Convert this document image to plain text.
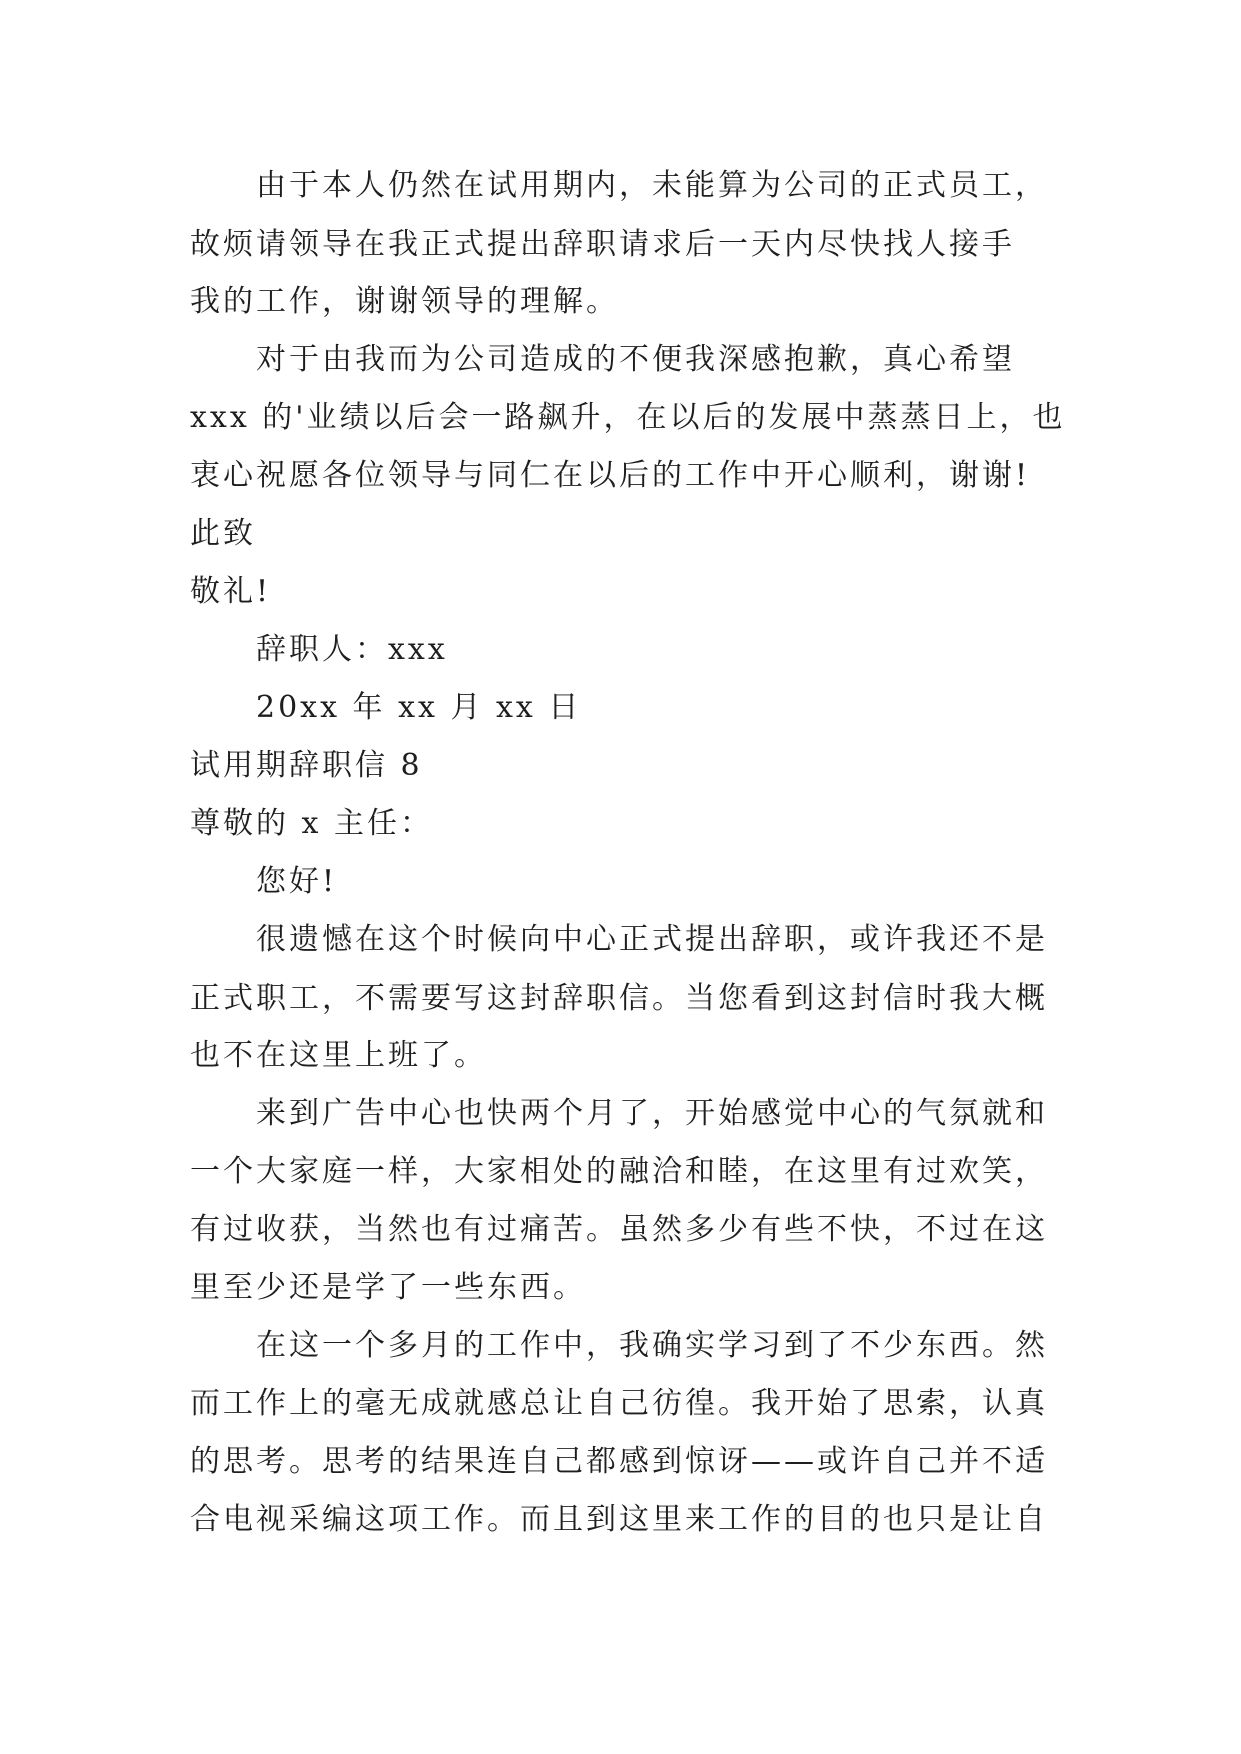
由于本人仍然在试用期内，未能算为公司的正式员工，
故烦请领导在我正式提出辞职请求后一天内尽快找人接手
我的工作，谢谢领导的理解。
对于由我而为公司造成的不便我深感抱歉，真心希望
xxx 的'业绩以后会一路飙升，在以后的发展中蒸蒸日上，也
衷心祝愿各位领导与同仁在以后的工作中开心顺利，谢谢!
此致
敬礼!
辞职人：xxx
20xx 年 xx 月 xx 日
试用期辞职信 8
尊敬的 x 主任：
您好!
很遗憾在这个时候向中心正式提出辞职，或许我还不是
正式职工，不需要写这封辞职信。当您看到这封信时我大概
也不在这里上班了。
来到广告中心也快两个月了，开始感觉中心的气氛就和
一个大家庭一样，大家相处的融洽和睦，在这里有过欢笑，
有过收获，当然也有过痛苦。虽然多少有些不快，不过在这
里至少还是学了一些东西。
在这一个多月的工作中，我确实学习到了不少东西。然
而工作上的毫无成就感总让自己彷徨。我开始了思索，认真
的思考。思考的结果连自己都感到惊讶——或许自己并不适
合电视采编这项工作。而且到这里来工作的目的也只是让自
